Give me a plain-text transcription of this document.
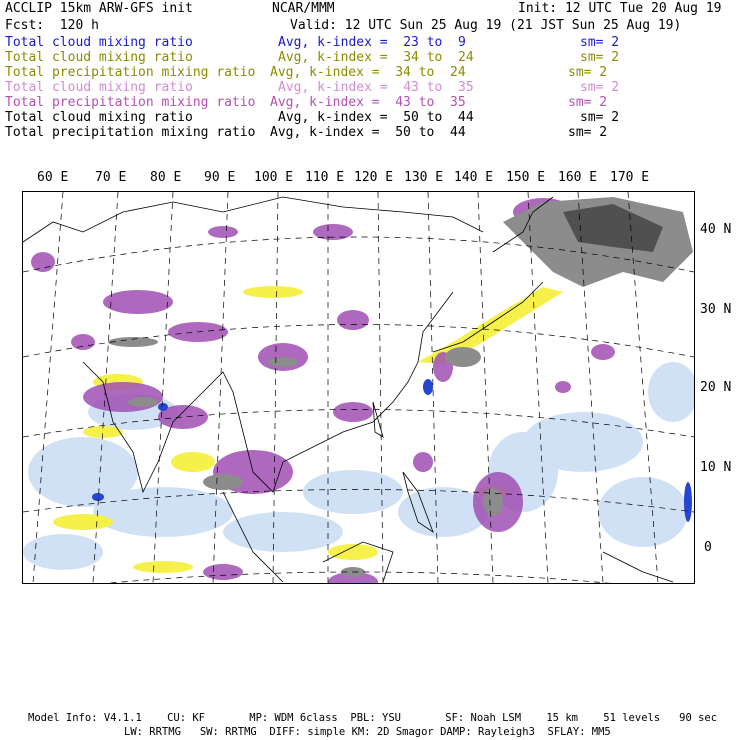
ACCLIP 15km ARW-GFS init	NCAR/MMM	Init: 12 UTC Tue 20 Aug 19
Fcst:  120 h	Valid: 12 UTC Sun 25 Aug 19 (21 JST Sun 25 Aug 19)
Total cloud mixing ratio	Avg, k-index =  23 to  9	sm= 2
Total cloud mixing ratio	Avg, k-index =  34 to  24	sm= 2
Total precipitation mixing ratio Avg, k-index =  34 to  24	sm= 2
Total cloud mixing ratio	Avg, k-index =  43 to  35	sm= 2
Total precipitation mixing ratio Avg, k-index =  43 to  35	sm= 2
Total cloud mixing ratio	Avg, k-index =  50 to  44	sm= 2
Total precipitation mixing ratio Avg, k-index =  50 to  44	sm= 2
60 E 70 E 80 E 90 E 100 E 110 E 120 E 130 E 140 E 150 E 160 E 170 E
40 N
30 N
20 N
10 N
0
Model Info: V4.1.1    CU: KF       MP: WDM 6class  PBL: YSU       SF: Noah LSM    15 km    51 levels   90 sec
LW: RRTMG   SW: RRTMG  DIFF: simple KM: 2D Smagor DAMP: Rayleigh3  SFLAY: MM5
